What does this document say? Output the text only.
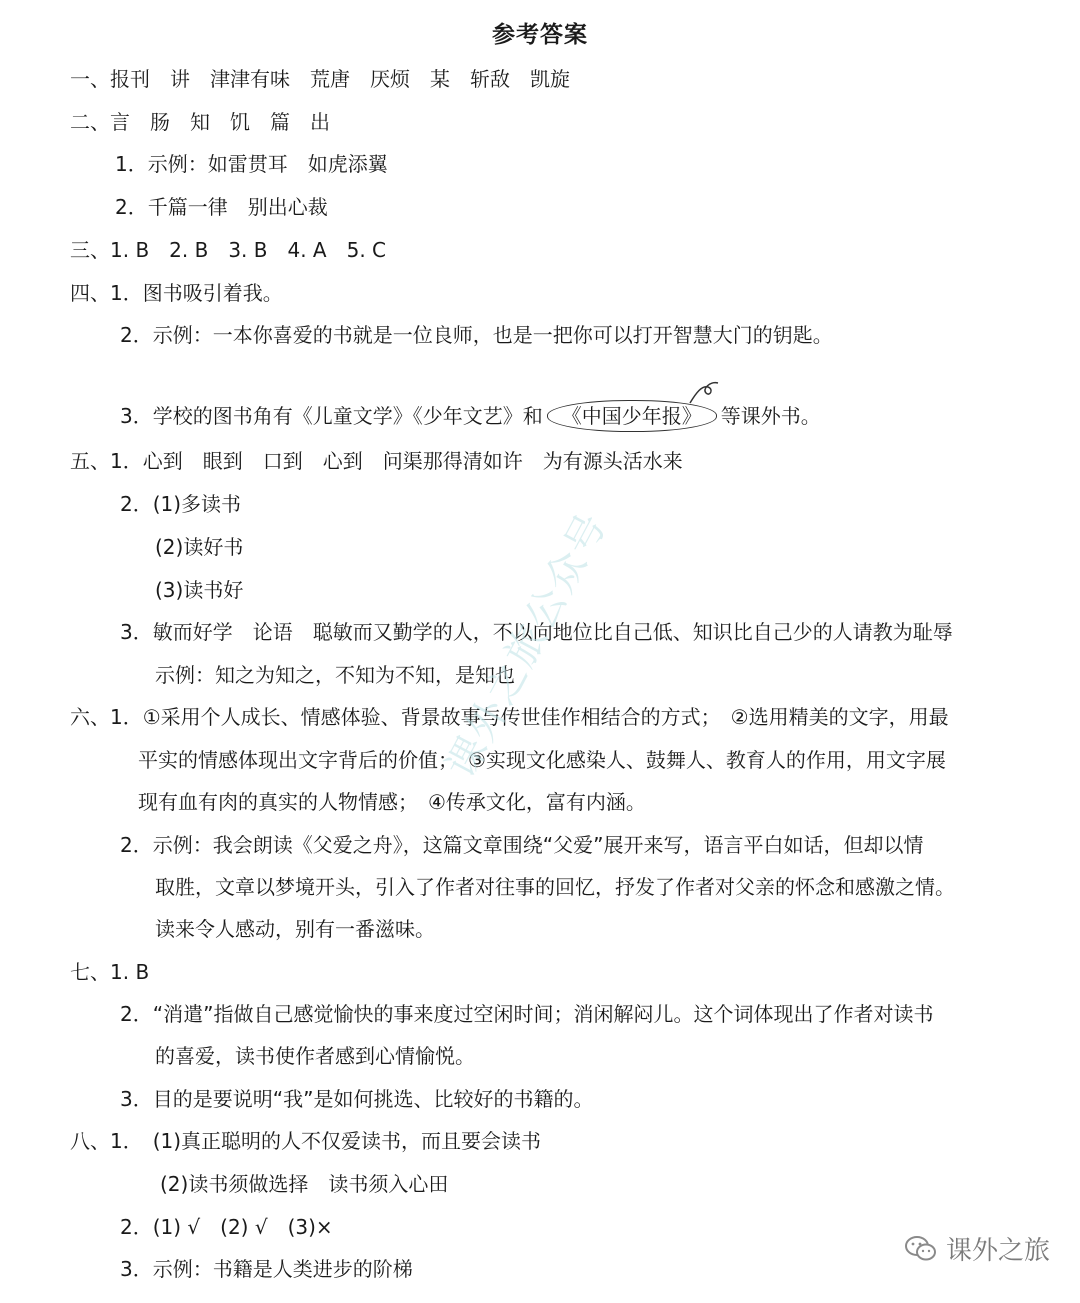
参考答案
一、报刊　讲　津津有味　荒唐　厌烦　某　斩敌　凯旋
二、言　肠　知　饥　篇　出
1．示例：如雷贯耳　如虎添翼
2．千篇一律　别出心裁
三、1. B　2. B　3. B　4. A　5. C
四、1．图书吸引着我。
2．示例：一本你喜爱的书就是一位良师，也是一把你可以打开智慧大门的钥匙。
3．学校的图书角有《儿童文学》《少年文艺》和 《中国少年报》 等课外书。
五、1．心到　眼到　口到　心到　问渠那得清如许　为有源头活水来
2．(1)多读书
(2)读好书
(3)读书好
3．敏而好学　论语　聪敏而又勤学的人，不以向地位比自己低、知识比自己少的人请教为耻辱
示例：知之为知之，不知为不知，是知也
六、1．①采用个人成长、情感体验、背景故事与传世佳作相结合的方式；　②选用精美的文字，用最
平实的情感体现出文字背后的价值；　③实现文化感染人、鼓舞人、教育人的作用，用文字展
现有血有肉的真实的人物情感；　④传承文化，富有内涵。
2．示例：我会朗读《父爱之舟》，这篇文章围绕“父爱”展开来写，语言平白如话，但却以情
取胜，文章以梦境开头，引入了作者对往事的回忆，抒发了作者对父亲的怀念和感激之情。
读来令人感动，别有一番滋味。
七、1. B
2．“消遣”指做自己感觉愉快的事来度过空闲时间；消闲解闷儿。这个词体现出了作者对读书
的喜爱，读书使作者感到心情愉悦。
3．目的是要说明“我”是如何挑选、比较好的书籍的。
八、1．　(1)真正聪明的人不仅爱读书，而且要会读书
(2)读书须做选择　读书须入心田
2．(1) √　(2) √　(3)×
3．示例：书籍是人类进步的阶梯
课外之旅公众号
课外之旅
